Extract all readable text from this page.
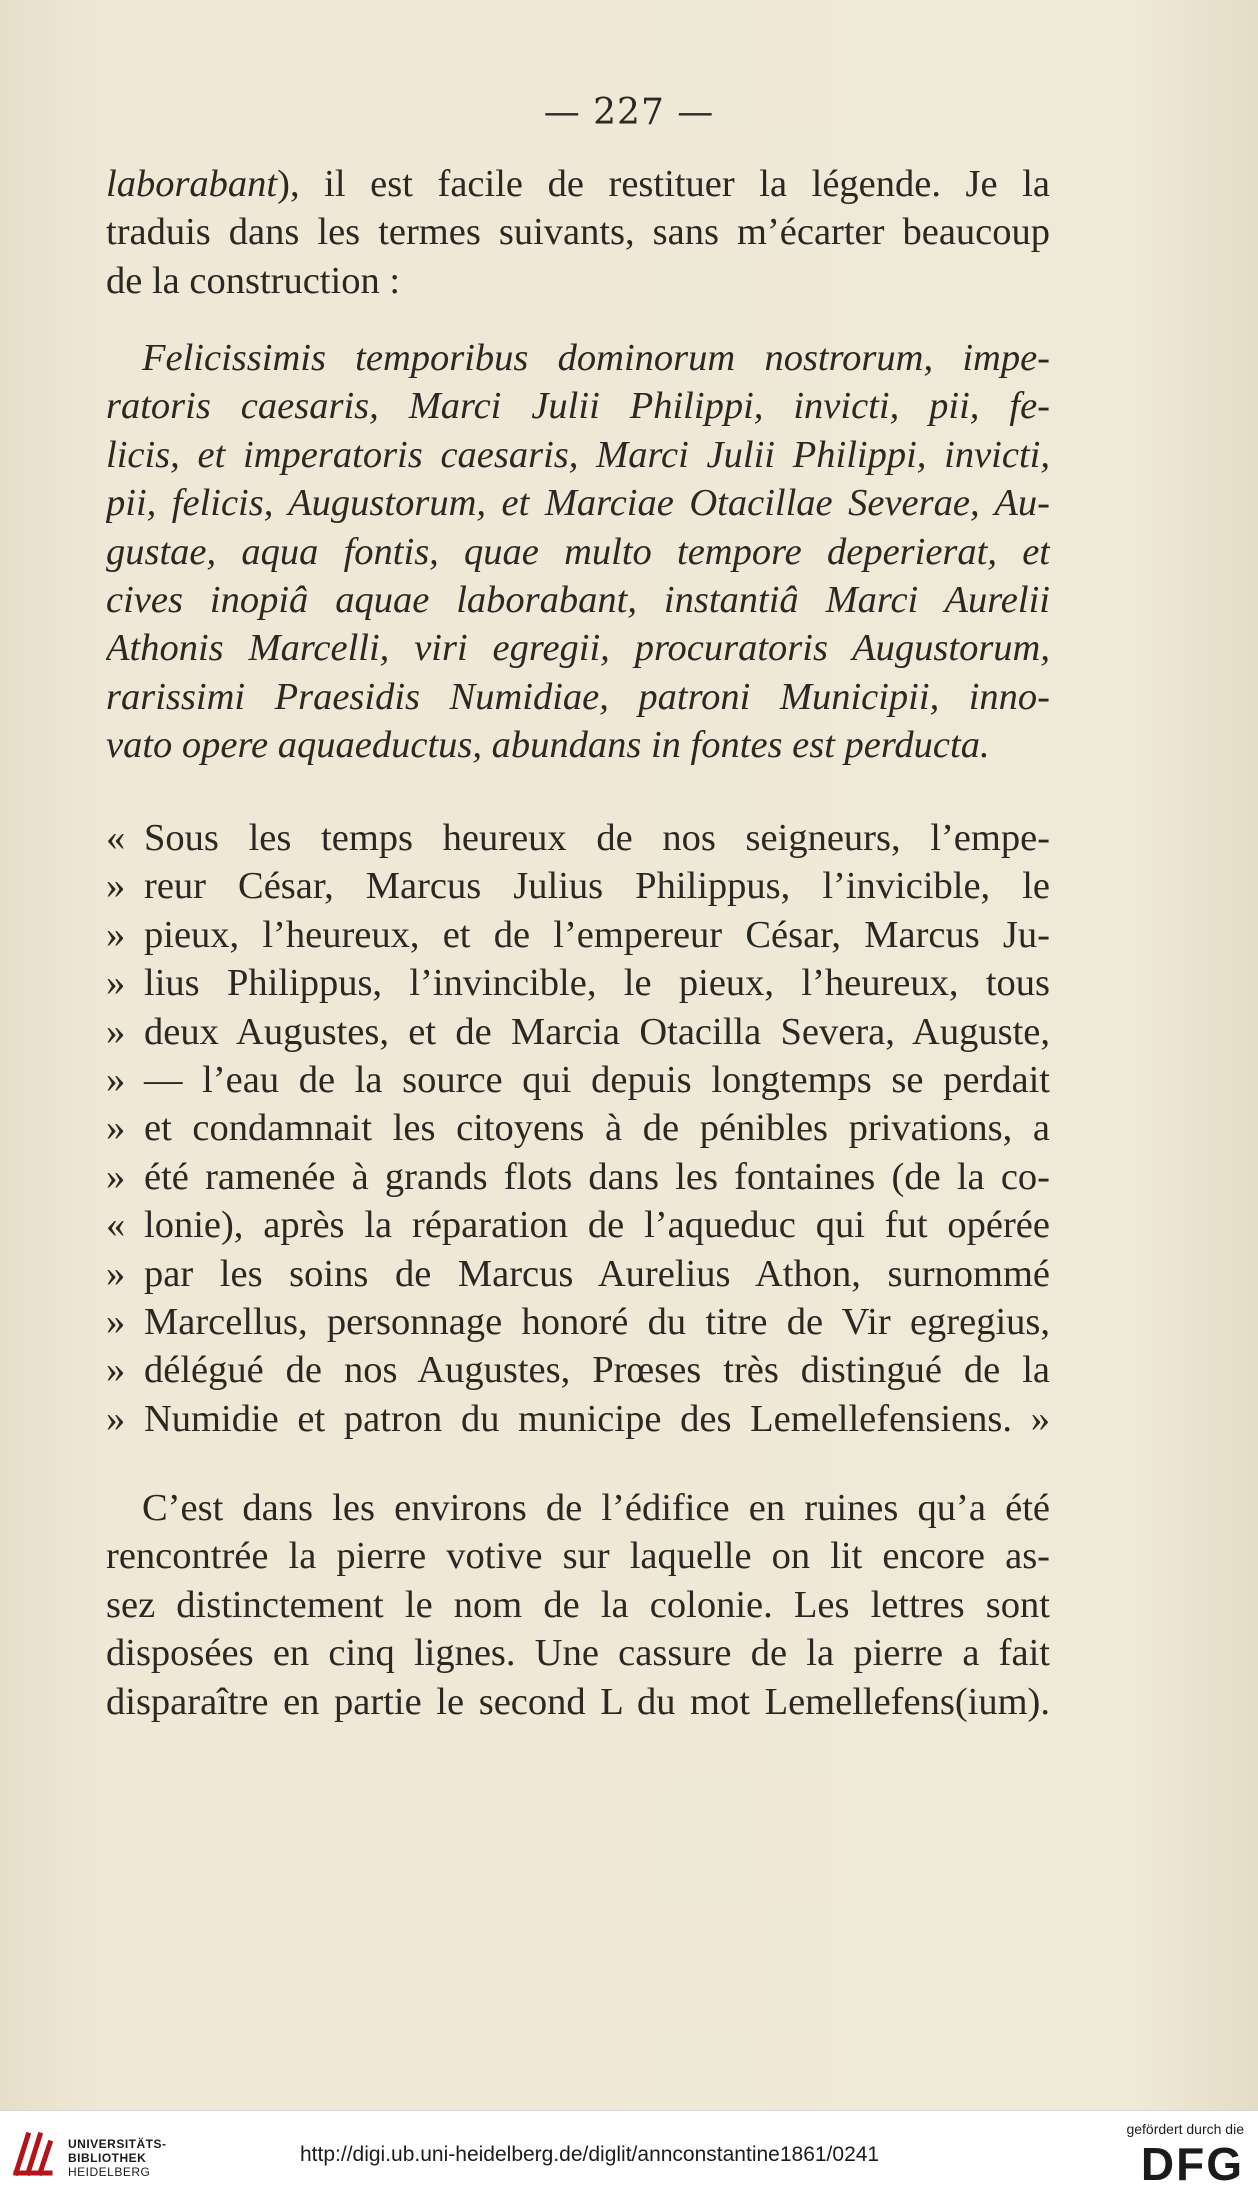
— 227 —
laborabant), il est facile de restituer la légende. Je la
traduis dans les termes suivants, sans m’écarter beaucoup
de la construction :
Felicissimis temporibus dominorum nostrorum, impe-
ratoris caesaris, Marci Julii Philippi, invicti, pii, fe-
licis, et imperatoris caesaris, Marci Julii Philippi, invicti,
pii, felicis, Augustorum, et Marciae Otacillae Severae, Au-
gustae, aqua fontis, quae multo tempore deperierat, et
cives inopiâ aquae laborabant, instantiâ Marci Aurelii
Athonis Marcelli, viri egregii, procuratoris Augustorum,
rarissimi Praesidis Numidiae, patroni Municipii, inno-
vato opere aquaeductus, abundans in fontes est perducta.
« Sous les temps heureux de nos seigneurs, l’empe-
» reur César, Marcus Julius Philippus, l’invicible, le
» pieux, l’heureux, et de l’empereur César, Marcus Ju-
» lius Philippus, l’invincible, le pieux, l’heureux, tous
» deux Augustes, et de Marcia Otacilla Severa, Auguste,
» — l’eau de la source qui depuis longtemps se perdait
» et condamnait les citoyens à de pénibles privations, a
» été ramenée à grands flots dans les fontaines (de la co-
« lonie), après la réparation de l’aqueduc qui fut opérée
» par les soins de Marcus Aurelius Athon, surnommé
» Marcellus, personnage honoré du titre de Vir egregius,
» délégué de nos Augustes, Prœses très distingué de la
» Numidie et patron du municipe des Lemellefensiens. »
C’est dans les environs de l’édifice en ruines qu’a été
rencontrée la pierre votive sur laquelle on lit encore as-
sez distinctement le nom de la colonie. Les lettres sont
disposées en cinq lignes. Une cassure de la pierre a fait
disparaître en partie le second L du mot Lemellefens(ium).
UNIVERSITÄTS-
BIBLIOTHEK
HEIDELBERG
http://digi.ub.uni-heidelberg.de/diglit/annconstantine1861/0241
gefördert durch die
DFG
